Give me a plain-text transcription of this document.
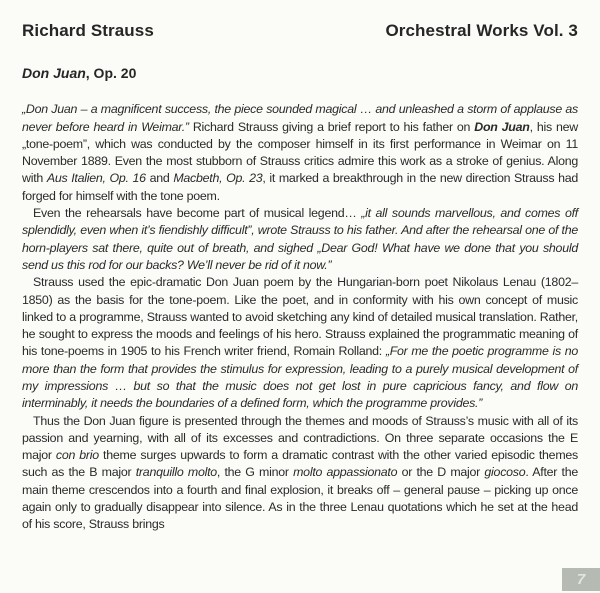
Richard Strauss	Orchestral Works Vol. 3
Don Juan, Op. 20

„Don Juan – a magnificent success, the piece sounded magical … and unleashed a storm of applause as never before heard in Weimar.” Richard Strauss giving a brief report to his father on Don Juan, his new „tone-poem”, which was conducted by the composer himself in its first performance in Weimar on 11 November 1889. Even the most stubborn of Strauss critics admire this work as a stroke of genius. Along with Aus Italien, Op. 16 and Macbeth, Op. 23, it marked a breakthrough in the new direction Strauss had forged for himself with the tone poem.

Even the rehearsals have become part of musical legend… „it all sounds marvellous, and comes off splendidly, even when it’s fiendishly difficult”, wrote Strauss to his father. And after the rehearsal one of the horn-players sat there, quite out of breath, and sighed „Dear God! What have we done that you should send us this rod for our backs? We’ll never be rid of it now.”

Strauss used the epic-dramatic Don Juan poem by the Hungarian-born poet Nikolaus Lenau (1802–1850) as the basis for the tone-poem. Like the poet, and in conformity with his own concept of music linked to a programme, Strauss wanted to avoid sketching any kind of detailed musical translation. Rather, he sought to express the moods and feelings of his hero. Strauss explained the programmatic meaning of his tone-poems in 1905 to his French writer friend, Romain Rolland: „For me the poetic programme is no more than the form that provides the stimulus for expression, leading to a purely musical development of my impressions … but so that the music does not get lost in pure capricious fancy, and flow on interminably, it needs the boundaries of a defined form, which the programme provides.”

Thus the Don Juan figure is presented through the themes and moods of Strauss’s music with all of its passion and yearning, with all of its excesses and contradictions. On three separate occasions the E major con brio theme surges upwards to form a dramatic contrast with the other varied episodic themes such as the B major tranquillo molto, the G minor molto appassionato or the D major giocoso. After the main theme crescendos into a fourth and final explosion, it breaks off – general pause – picking up once again only to gradually disappear into silence. As in the three Lenau quotations which he set at the head of his score, Strauss brings

7
